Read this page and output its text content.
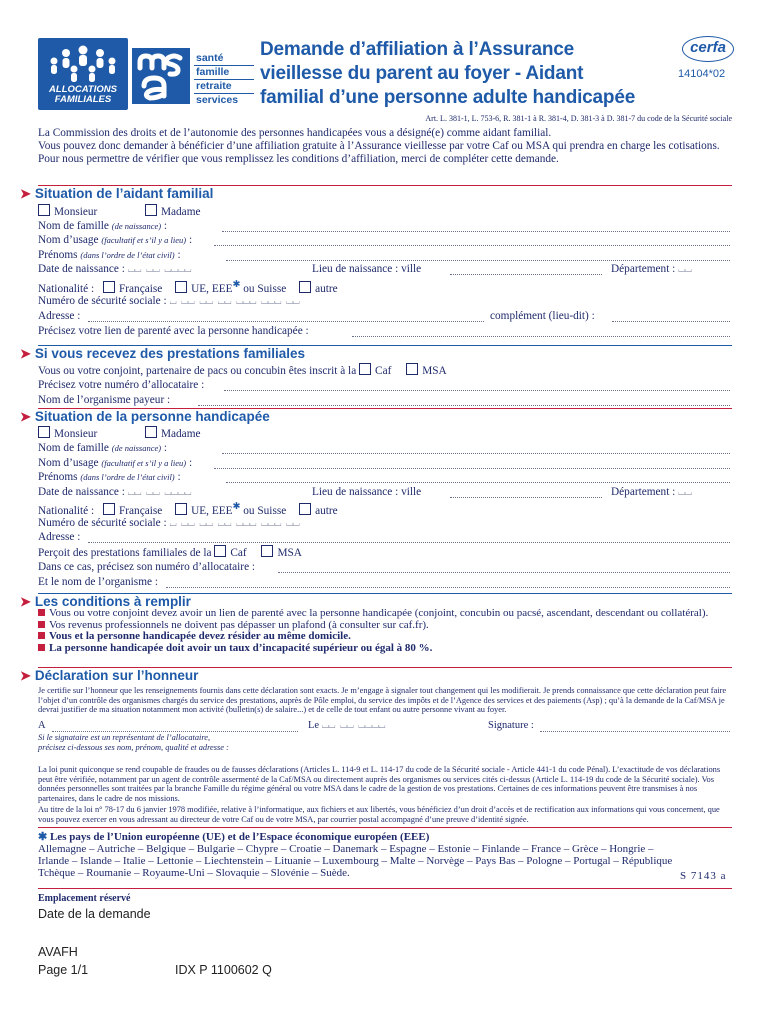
ALLOCATIONS
FAMILIALES
santé
famille
retraite
services
Demande d’affiliation à l’Assurance
vieillesse du parent au foyer - Aidant
familial d’une personne adulte handicapée
cerfa
14104*02
Art. L. 381-1, L. 753-6, R. 381-1 à R. 381-4, D. 381-3 à D. 381-7 du code de la Sécurité sociale
La Commission des droits et de l’autonomie des personnes handicapées vous a désigné(e) comme aidant familial.
Vous pouvez donc demander à bénéficier d’une affiliation gratuite à l’Assurance vieillesse par votre Caf ou MSA qui prendra en charge les cotisations.
Pour nous permettre de vérifier que vous remplissez les conditions d’affiliation, merci de compléter cette demande.
➤ Situation de l’aidant familial
Monsieur	Madame
Nom de famille (de naissance) :
Nom d’usage (facultatif et s’il y a lieu) :
Prénoms (dans l’ordre de l’état civil) :
Date de naissance : ⌴⌴ ⌴⌴ ⌴⌴⌴⌴	Lieu de naissance : ville	Département : ⌴⌴
Nationalité : Française	UE, EEE✱ ou Suisse	autre
Numéro de sécurité sociale : ⌴ ⌴⌴ ⌴⌴ ⌴⌴ ⌴⌴⌴ ⌴⌴⌴ ⌴⌴
Adresse :	complément (lieu-dit) :
Précisez votre lien de parenté avec la personne handicapée :
➤ Si vous recevez des prestations familiales
Vous ou votre conjoint, partenaire de pacs ou concubin êtes inscrit à la Caf	MSA
Précisez votre numéro d’allocataire :
Nom de l’organisme payeur :
➤ Situation de la personne handicapée
Monsieur	Madame
Nom de famille (de naissance) :
Nom d’usage (facultatif et s’il y a lieu) :
Prénoms (dans l’ordre de l’état civil) :
Date de naissance : ⌴⌴ ⌴⌴ ⌴⌴⌴⌴	Lieu de naissance : ville	Département : ⌴⌴
Nationalité : Française	UE, EEE✱ ou Suisse	autre
Numéro de sécurité sociale : ⌴ ⌴⌴ ⌴⌴ ⌴⌴ ⌴⌴⌴ ⌴⌴⌴ ⌴⌴
Adresse :
Perçoit des prestations familiales de la Caf	MSA
Dans ce cas, précisez son numéro d’allocataire :
Et le nom de l’organisme :
➤ Les conditions à remplir
Vous ou votre conjoint devez avoir un lien de parenté avec la personne handicapée (conjoint, concubin ou pacsé, ascendant, descendant ou collatéral).
Vos revenus professionnels ne doivent pas dépasser un plafond (à consulter sur caf.fr).
Vous et la personne handicapée devez résider au même domicile.
La personne handicapée doit avoir un taux d’incapacité supérieur ou égal à 80 %.
➤ Déclaration sur l’honneur
Je certifie sur l’honneur que les renseignements fournis dans cette déclaration sont exacts. Je m’engage à signaler tout changement qui les modifierait. Je prends connaissance que cette déclaration peut faire l’objet d’un contrôle des organismes chargés du service des prestations, auprès de Pôle emploi, du service des impôts et de l’Agence des services et des paiements (Asp) ; qu’à la demande de la Caf/MSA je devrai justifier de ma situation notamment mon activité (bulletin(s) de salaire...) et de celle de tout enfant ou autre personne vivant au foyer.
A	Le ⌴⌴ ⌴⌴ ⌴⌴⌴⌴	Signature :
Si le signataire est un représentant de l’allocataire,
précisez ci-dessous ses nom, prénom, qualité et adresse :
La loi punit quiconque se rend coupable de fraudes ou de fausses déclarations (Articles L. 114-9 et L. 114-17 du code de la Sécurité sociale - Article 441-1 du code Pénal). L’exactitude de vos déclarations peut être vérifiée, notamment par un agent de contrôle assermenté de la Caf/MSA ou directement auprès des organismes ou services cités ci-dessus (Article L. 114-19 du code de la Sécurité sociale). Vos données personnelles sont traitées par la branche Famille du régime général ou votre MSA dans le cadre de la gestion de vos prestations. Certaines de ces informations peuvent être transmises à nos partenaires, dans le cadre de nos missions.
Au titre de la loi n° 78-17 du 6 janvier 1978 modifiée, relative à l’informatique, aux fichiers et aux libertés, vous bénéficiez d’un droit d’accès et de rectification aux informations qui vous concernent, que vous pouvez exercer en vous adressant au directeur de votre Caf ou de votre MSA, par courrier postal accompagné d’une preuve d’identité signée.
✱ Les pays de l’Union européenne (UE) et de l’Espace économique européen (EEE)
Allemagne – Autriche – Belgique – Bulgarie – Chypre – Croatie – Danemark – Espagne – Estonie – Finlande – France – Grèce – Hongrie –
Irlande – Islande – Italie – Lettonie – Liechtenstein – Lituanie – Luxembourg – Malte – Norvège – Pays Bas – Pologne – Portugal – République
Tchèque – Roumanie – Royaume-Uni – Slovaquie – Slovénie – Suède.	S 7143 a
Emplacement réservé
Date de la demande
AVAFH
Page 1/1	IDX P 1100602 Q
